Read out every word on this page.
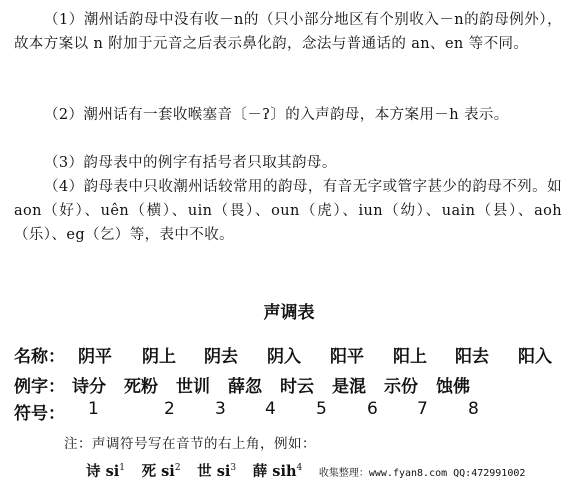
（1）潮州话韵母中没有收－n的（只小部分地区有个别收入－n的韵母例外），故本方案以 n 附加于元音之后表示鼻化韵，念法与普通话的 an、en 等不同。
（2）潮州话有一套收喉塞音〔－ʔ〕的入声韵母，本方案用－h 表示。
（3）韵母表中的例字有括号者只取其韵母。
（4）韵母表中只收潮州话较常用的韵母，有音无字或管字甚少的韵母不列。如 aon（好）、uên（横）、uin（畏）、oun（虎）、iun（幼）、uain（县）、aoh（乐）、eg（乞）等，表中不收。
声调表
名称： 阴平 阴上 阴去 阴入 阳平 阳上 阳去 阳入
例字： 诗分 死粉 世训 薛忽 时云 是混 示份 蚀佛
符号： 1	2 3 4 5 6 7 8
注：声调符号写在音节的右上角，例如：
诗 $si^1$ 死 $si^2$ 世 $si^3$ 薛 sih$^4$ 收集整理：www.fyan8.com QQ:472991002
